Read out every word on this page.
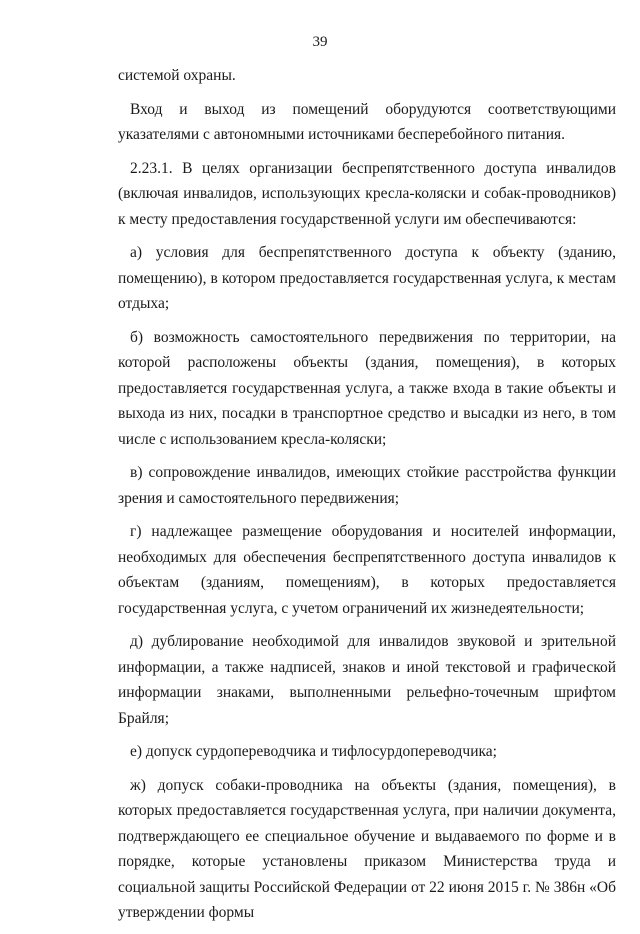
39

системой охраны.

Вход и выход из помещений оборудуются соответствующими указателями с автономными источниками бесперебойного питания.

2.23.1. В целях организации беспрепятственного доступа инвалидов (включая инвалидов, использующих кресла-коляски и собак-проводников) к месту предоставления государственной услуги им обеспечиваются:

а) условия для беспрепятственного доступа к объекту (зданию, помещению), в котором предоставляется государственная услуга, к местам отдыха;

б) возможность самостоятельного передвижения по территории, на которой расположены объекты (здания, помещения), в которых предоставляется государственная услуга, а также входа в такие объекты и выхода из них, посадки в транспортное средство и высадки из него, в том числе с использованием кресла-коляски;

в) сопровождение инвалидов, имеющих стойкие расстройства функции зрения и самостоятельного передвижения;

г) надлежащее размещение оборудования и носителей информации, необходимых для обеспечения беспрепятственного доступа инвалидов к объектам (зданиям, помещениям), в которых предоставляется государственная услуга, с учетом ограничений их жизнедеятельности;

д) дублирование необходимой для инвалидов звуковой и зрительной информации, а также надписей, знаков и иной текстовой и графической информации знаками, выполненными рельефно-точечным шрифтом Брайля;

е) допуск сурдопереводчика и тифлосурдопереводчика;

ж) допуск собаки-проводника на объекты (здания, помещения), в которых предоставляется государственная услуга, при наличии документа, подтверждающего ее специальное обучение и выдаваемого по форме и в порядке, которые установлены приказом Министерства труда и социальной защиты Российской Федерации от 22 июня 2015 г. № 386н «Об утверждении формы
